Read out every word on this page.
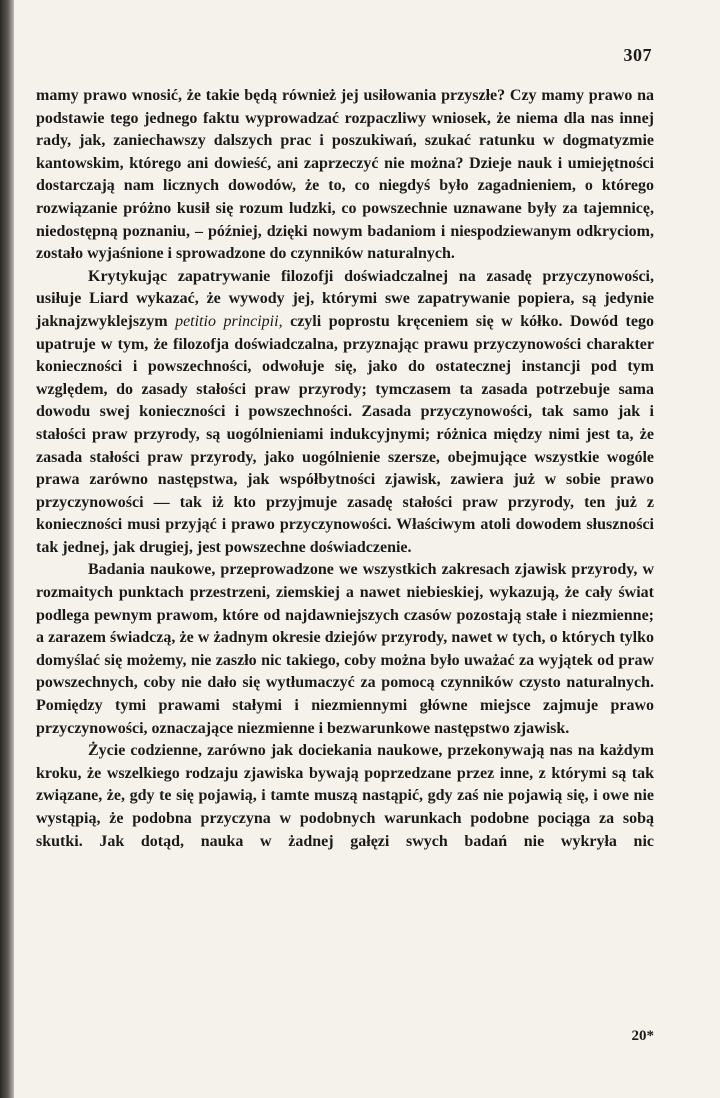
307

mamy prawo wnosić, że takie będą również jej usiłowania przyszłe? Czy mamy prawo na podstawie tego jednego faktu wyprowadzać rozpaczliwy wniosek, że niema dla nas innej rady, jak, zaniechawszy dalszych prac i poszukiwań, szukać ratunku w dogmatyzmie kantowskim, którego ani dowieść, ani zaprzeczyć nie można? Dzieje nauk i umiejętności dostarczają nam licznych dowodów, że to, co niegdyś było zagadnieniem, o którego rozwiązanie próżno kusił się rozum ludzki, co powszechnie uznawane były za tajemnicę, niedostępną poznaniu, – później, dzięki nowym badaniom i niespodziewanym odkryciom, zostało wyjaśnione i sprowadzone do czynników naturalnych.

Krytykując zapatrywanie filozofji doświadczalnej na zasadę przyczynowości, usiłuje Liard wykazać, że wywody jej, którymi swe zapatrywanie popiera, są jedynie jaknajzwyklejszym petitio principii, czyli poprostu kręceniem się w kółko. Dowód tego upatruje w tym, że filozofja doświadczalna, przyznając prawu przyczynowości charakter konieczności i powszechności, odwołuje się, jako do ostatecznej instancji pod tym względem, do zasady stałości praw przyrody; tymczasem ta zasada potrzebuje sama dowodu swej konieczności i powszechności. Zasada przyczynowości, tak samo jak i stałości praw przyrody, są uogólnieniami indukcyjnymi; różnica między nimi jest ta, że zasada stałości praw przyrody, jako uogólnienie szersze, obejmujące wszystkie wogóle prawa zarówno następstwa, jak współbytności zjawisk, zawiera już w sobie prawo przyczynowości — tak iż kto przyjmuje zasadę stałości praw przyrody, ten już z konieczności musi przyjąć i prawo przyczynowości. Właściwym atoli dowodem słuszności tak jednej, jak drugiej, jest powszechne doświadczenie.

Badania naukowe, przeprowadzone we wszystkich zakresach zjawisk przyrody, w rozmaitych punktach przestrzeni, ziemskiej a nawet niebieskiej, wykazują, że cały świat podlega pewnym prawom, które od najdawniejszych czasów pozostają stałe i niezmienne; a zarazem świadczą, że w żadnym okresie dziejów przyrody, nawet w tych, o których tylko domyślać się możemy, nie zaszło nic takiego, coby można było uważać za wyjątek od praw powszechnych, coby nie dało się wytłumaczyć za pomocą czynników czysto naturalnych. Pomiędzy tymi prawami stałymi i niezmiennymi główne miejsce zajmuje prawo przyczynowości, oznaczające niezmienne i bezwarunkowe następstwo zjawisk.

Życie codzienne, zarówno jak dociekania naukowe, przekonywają nas na każdym kroku, że wszelkiego rodzaju zjawiska bywają poprzedzane przez inne, z którymi są tak związane, że, gdy te się pojawią, i tamte muszą nastąpić, gdy zaś nie pojawią się, i owe nie wystąpią, że podobna przyczyna w podobnych warunkach podobne pociąga za sobą skutki. Jak dotąd, nauka w żadnej gałęzi swych badań nie wykryła nic

20*
